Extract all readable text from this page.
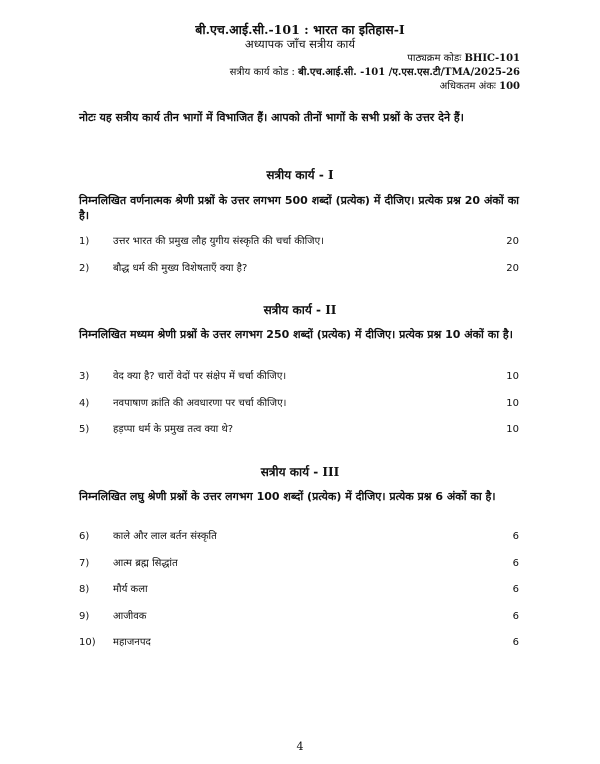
बी.एच.आई.सी.-101 : भारत का इतिहास-I
अध्यापक जाँच सत्रीय कार्य
पाठ्यक्रम कोडः BHIC-101
सत्रीय कार्य कोड : बी.एच.आई.सी. -101 /ए.एस.एस.टी/TMA/2025-26
अधिकतम अंकः 100
नोटः यह सत्रीय कार्य तीन भागों में विभाजित हैं। आपको तीनों भागों के सभी प्रश्नों के उत्तर देने हैं।
सत्रीय कार्य - I
निम्नलिखित वर्णनात्मक श्रेणी प्रश्नों के उत्तर लगभग 500 शब्दों (प्रत्येक) में दीजिए। प्रत्येक प्रश्न 20 अंकों का है।
1) उत्तर भारत की प्रमुख लौह युगीय संस्कृति की चर्चा कीजिए।	20
2) बौद्ध धर्म की मुख्य विशेषताएँ क्या है?	20
सत्रीय कार्य - II
निम्नलिखित मध्यम श्रेणी प्रश्नों के उत्तर लगभग 250 शब्दों (प्रत्येक) में दीजिए। प्रत्येक प्रश्न 10 अंकों का है।
3) वेद क्या है? चारों वेदों पर संक्षेप में चर्चा कीजिए।	10
4) नवपाषाण क्रांति की अवधारणा पर चर्चा कीजिए।	10
5) हड़प्पा धर्म के प्रमुख तत्व क्या थे?	10
सत्रीय कार्य - III
निम्नलिखित लघु श्रेणी प्रश्नों के उत्तर लगभग 100 शब्दों (प्रत्येक) में दीजिए। प्रत्येक प्रश्न 6 अंकों का है।
6) काले और लाल बर्तन संस्कृति	6
7) आत्म ब्रह्म सिद्धांत	6
8) मौर्य कला	6
9) आजीवक	6
10) महाजनपद	6
4
